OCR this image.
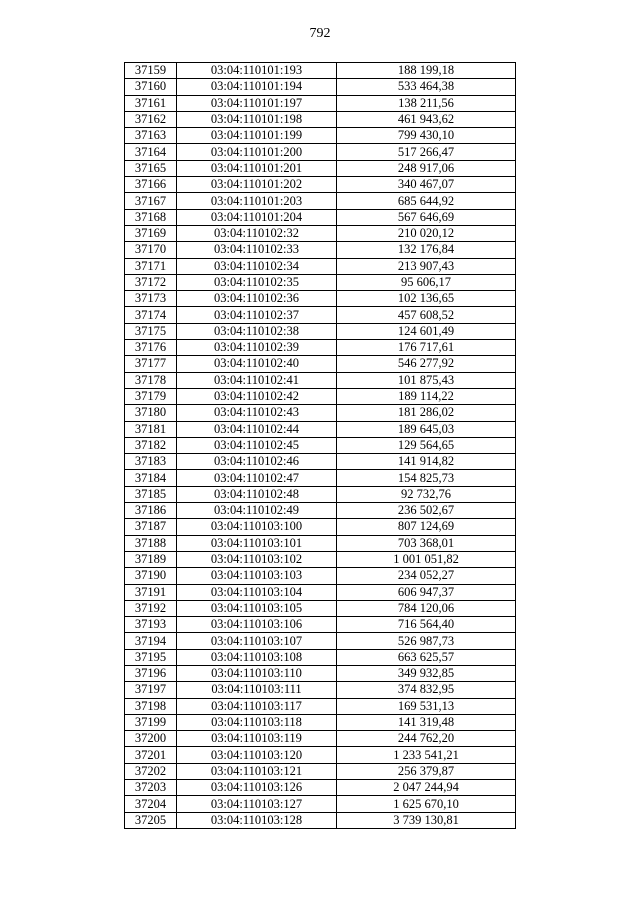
792
37159	03:04:110101:193	188 199,18
37160	03:04:110101:194	533 464,38
37161	03:04:110101:197	138 211,56
37162	03:04:110101:198	461 943,62
37163	03:04:110101:199	799 430,10
37164	03:04:110101:200	517 266,47
37165	03:04:110101:201	248 917,06
37166	03:04:110101:202	340 467,07
37167	03:04:110101:203	685 644,92
37168	03:04:110101:204	567 646,69
37169	03:04:110102:32	210 020,12
37170	03:04:110102:33	132 176,84
37171	03:04:110102:34	213 907,43
37172	03:04:110102:35	95 606,17
37173	03:04:110102:36	102 136,65
37174	03:04:110102:37	457 608,52
37175	03:04:110102:38	124 601,49
37176	03:04:110102:39	176 717,61
37177	03:04:110102:40	546 277,92
37178	03:04:110102:41	101 875,43
37179	03:04:110102:42	189 114,22
37180	03:04:110102:43	181 286,02
37181	03:04:110102:44	189 645,03
37182	03:04:110102:45	129 564,65
37183	03:04:110102:46	141 914,82
37184	03:04:110102:47	154 825,73
37185	03:04:110102:48	92 732,76
37186	03:04:110102:49	236 502,67
37187	03:04:110103:100	807 124,69
37188	03:04:110103:101	703 368,01
37189	03:04:110103:102	1 001 051,82
37190	03:04:110103:103	234 052,27
37191	03:04:110103:104	606 947,37
37192	03:04:110103:105	784 120,06
37193	03:04:110103:106	716 564,40
37194	03:04:110103:107	526 987,73
37195	03:04:110103:108	663 625,57
37196	03:04:110103:110	349 932,85
37197	03:04:110103:111	374 832,95
37198	03:04:110103:117	169 531,13
37199	03:04:110103:118	141 319,48
37200	03:04:110103:119	244 762,20
37201	03:04:110103:120	1 233 541,21
37202	03:04:110103:121	256 379,87
37203	03:04:110103:126	2 047 244,94
37204	03:04:110103:127	1 625 670,10
37205	03:04:110103:128	3 739 130,81
